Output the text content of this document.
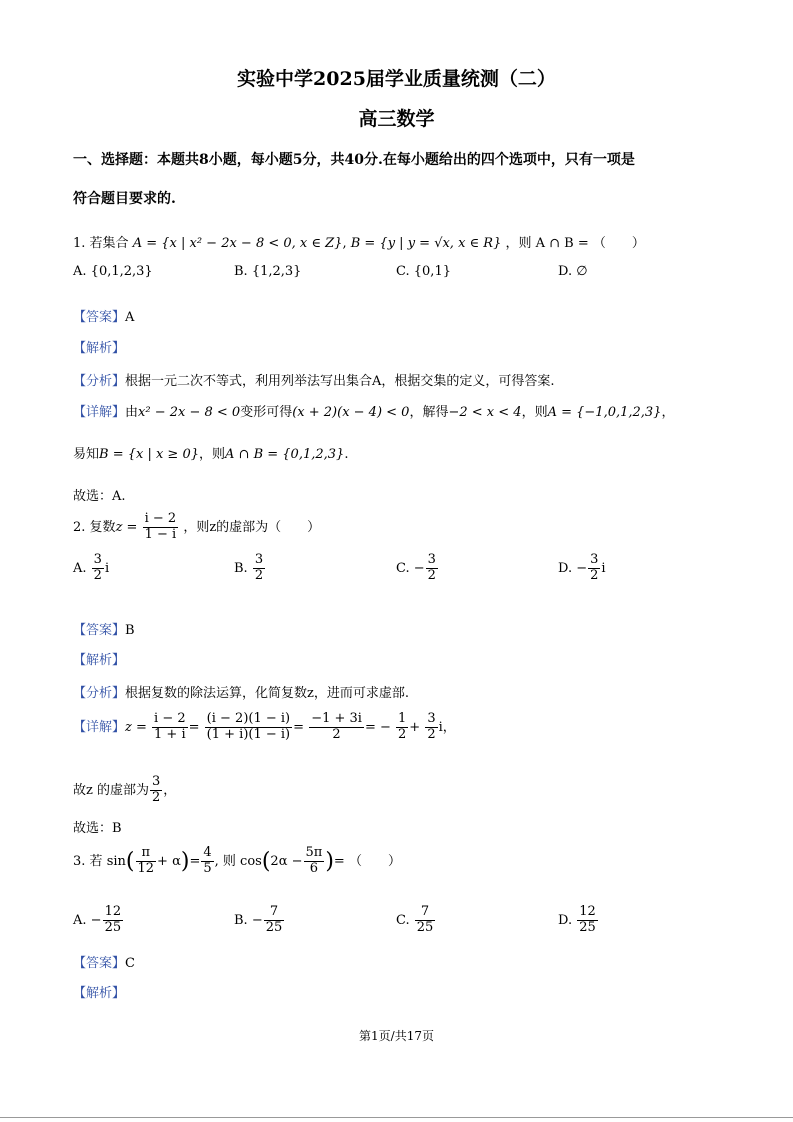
实验中学2025届学业质量统测（二）
高三数学
一、选择题：本题共8小题，每小题5分，共40分.在每小题给出的四个选项中，只有一项是
符合题目要求的.
1. 若集合 A = {x | x² − 2x − 8 < 0, x ∈ Z}, B = {y | y = √x, x ∈ R} ，则 A ∩ B = （　　）
A. {0,1,2,3}	B. {1,2,3}	C. {0,1}	D. ∅
【答案】A
【解析】
【分析】根据一元二次不等式，利用列举法写出集合A，根据交集的定义，可得答案.
【详解】由x² − 2x − 8 < 0变形可得(x + 2)(x − 4) < 0，解得−2 < x < 4，则A = {−1,0,1,2,3}，
易知B = {x | x ≥ 0}，则A ∩ B = {0,1,2,3}.
故选：A.
2. 复数$z = \frac{i - 2}{1 - i}$ ，则z的虚部为（　　）
A. $\frac{3}{2}$ i	B. $\frac{3}{2}$	C. − $\frac{3}{2}$	D. − $\frac{3}{2}$ i
【答案】B
【解析】
【分析】根据复数的除法运算，化简复数z，进而可求虚部.
【详解】$z = \frac{i - 2}{1 + i} = \frac{(i - 2)(1 - i)}{(1 + i)(1 - i)} = \frac{-1 + 3i}{2}$ = − $\frac{1}{2} + \frac{3}{2}$ i，
故z 的虚部为 $\frac{3}{2}$ ，
故选：B
3. 若 $\sin( \frac{\pi}{12} + \alpha)= \frac{4}{5}$ , 则 $\cos(2\alpha - \frac{5\pi}{6}$ )= （　　）
A. − $\frac{12}{25}$	B. − $\frac{7}{25}$	C. $\frac{7}{25}$	D. $\frac{12}{25}$
【答案】C
【解析】
第1页/共17页
